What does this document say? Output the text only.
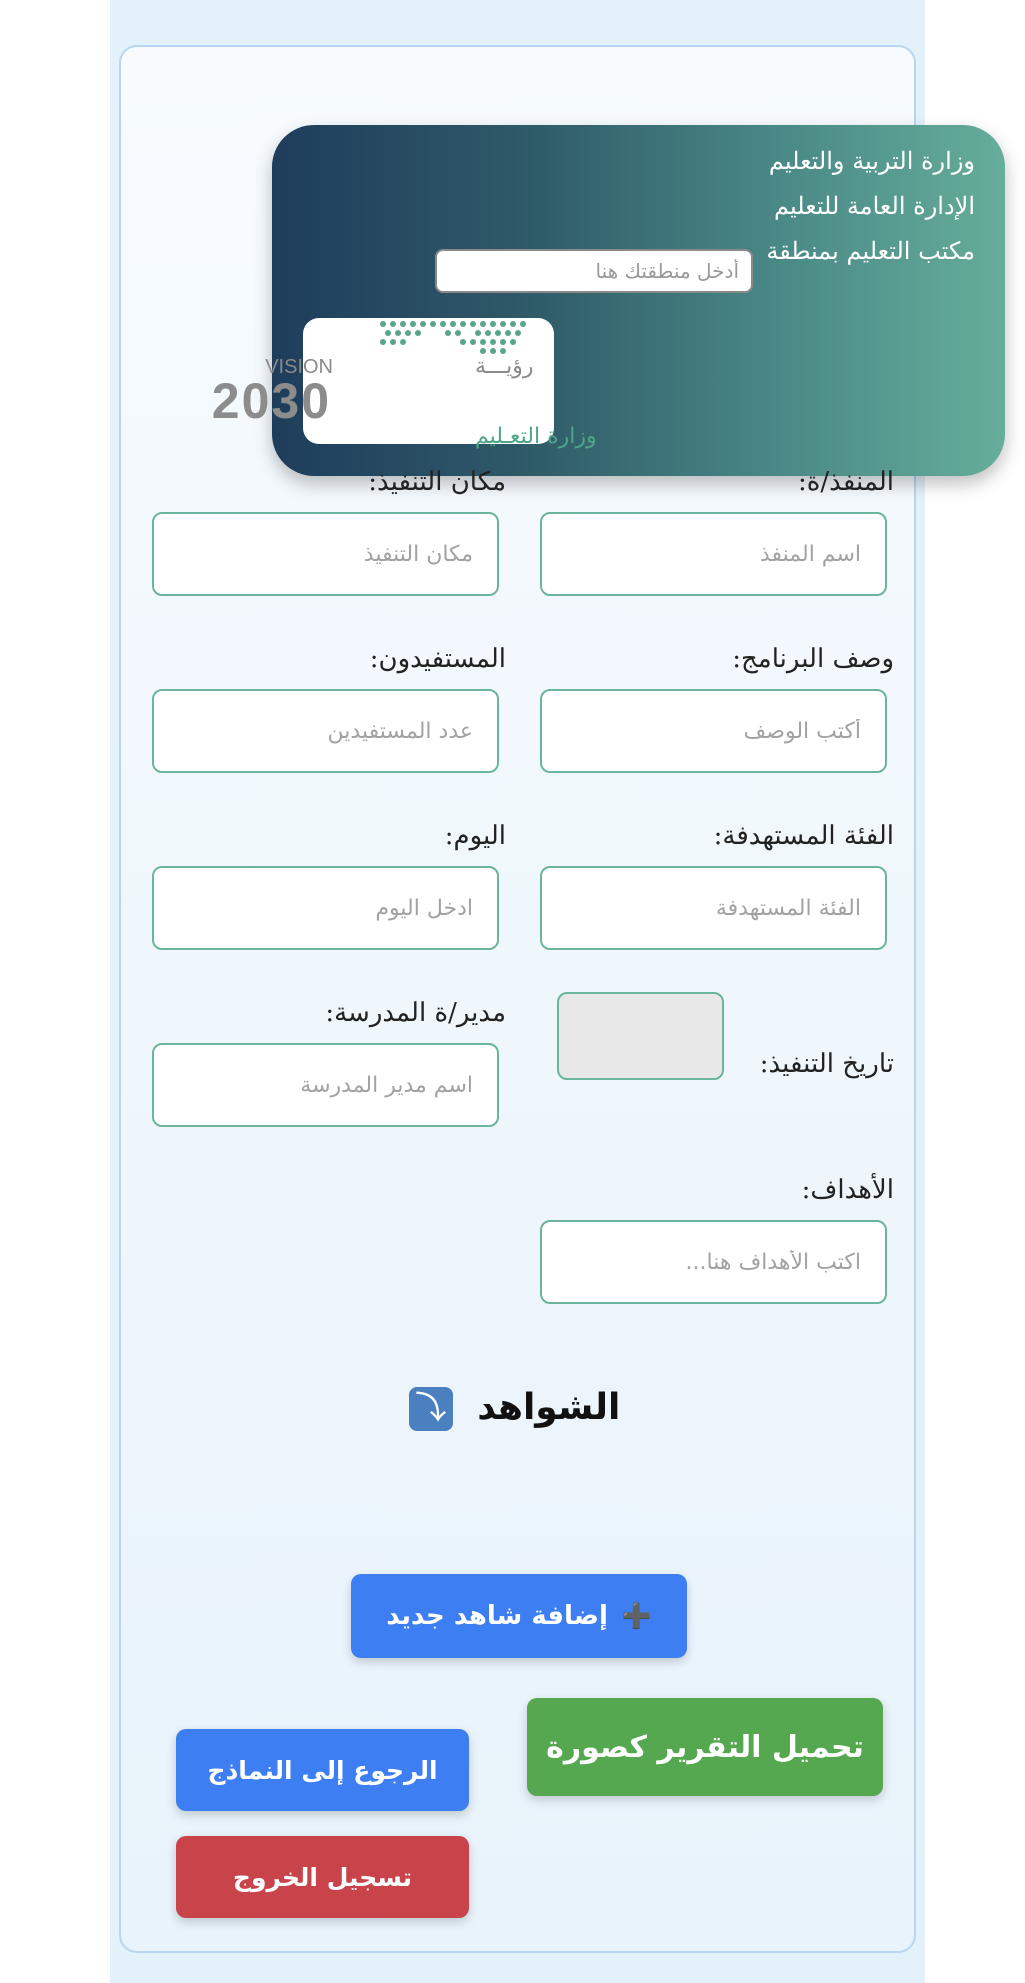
وزارة التربية والتعليم
الإدارة العامة للتعليم
مكتب التعليم بمنطقة
أدخل منطقتك هنا
VISION	رؤيـــة
2030
وزارة التعـليم
المنفذ/ة:
اسم المنفذ
مكان التنفيذ:
مكان التنفيذ
وصف البرنامج:
أكتب الوصف
المستفيدون:
عدد المستفيدين
الفئة المستهدفة:
الفئة المستهدفة
اليوم:
ادخل اليوم
تاريخ التنفيذ:
مدير/ة المدرسة:
اسم مدير المدرسة
الأهداف:
اكتب الأهداف هنا...
الشواهد ⤵
➕
إضافة شاهد جديد
تحميل التقرير كصورة
الرجوع إلى النماذج
تسجيل الخروج
